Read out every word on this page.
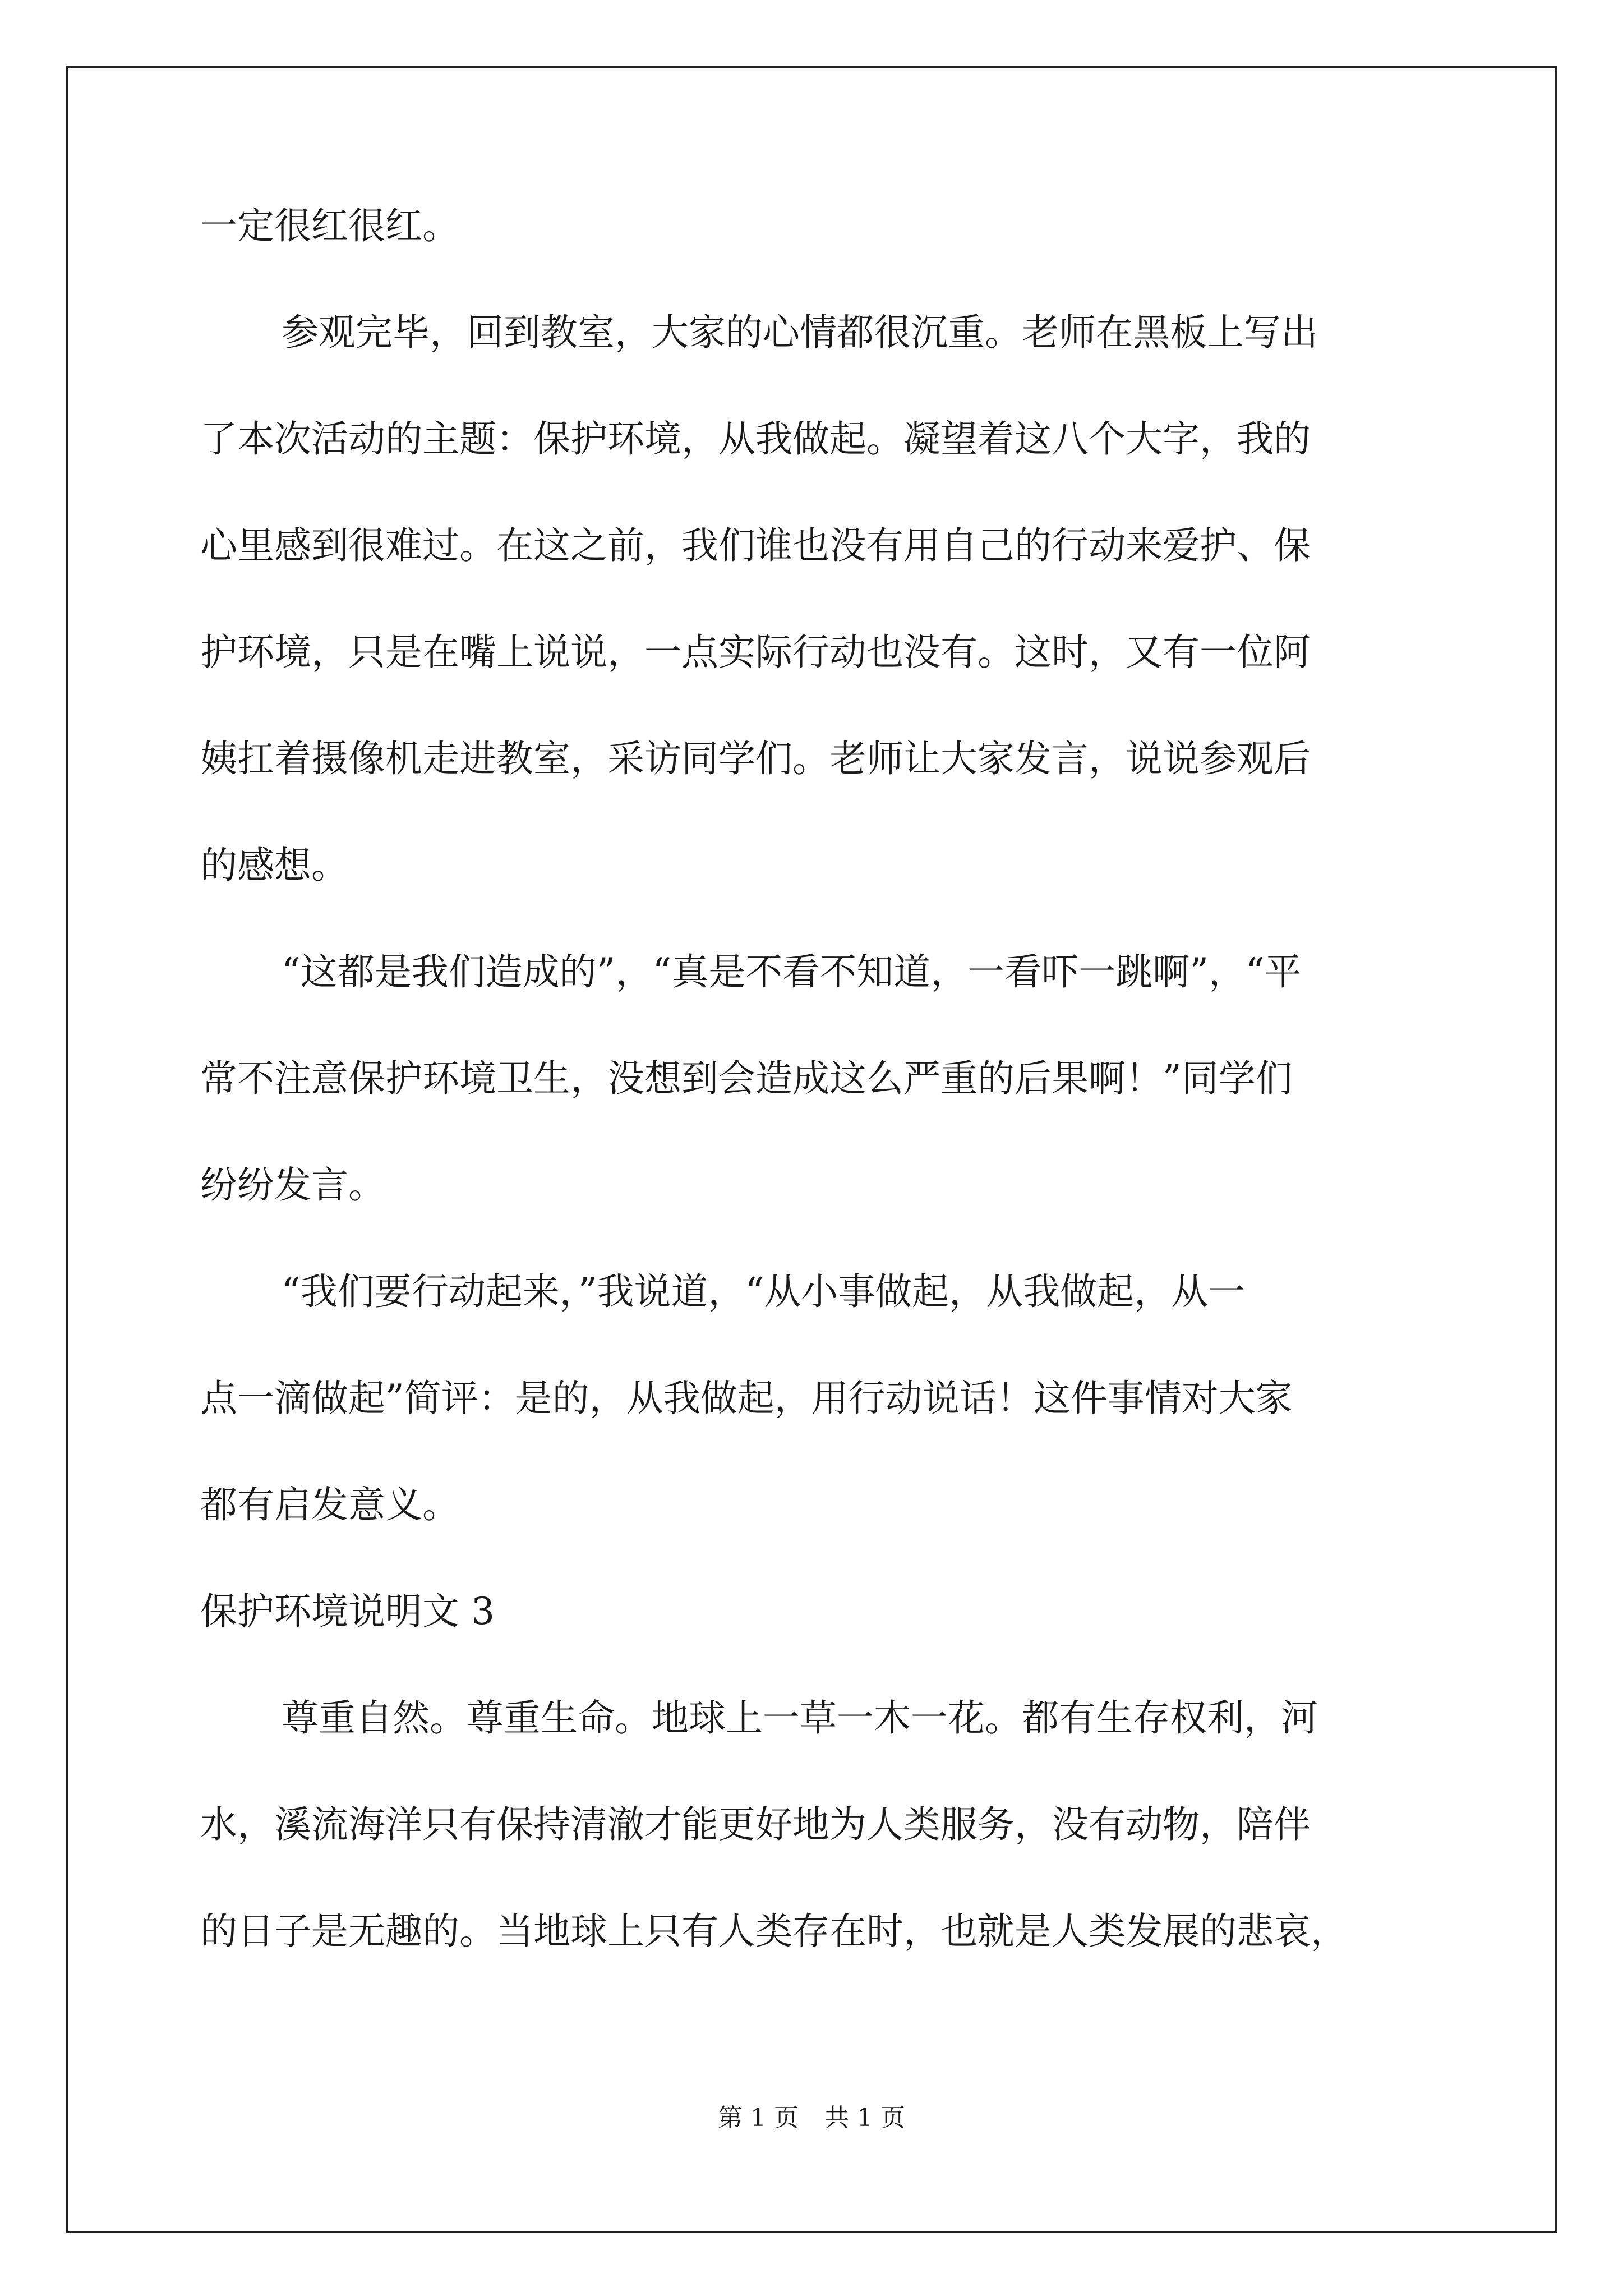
一定很红很红。
参观完毕，回到教室，大家的心情都很沉重。老师在黑板上写出
了本次活动的主题：保护环境，从我做起。凝望着这八个大字，我的
心里感到很难过。在这之前，我们谁也没有用自己的行动来爱护、保
护环境，只是在嘴上说说，一点实际行动也没有。这时，又有一位阿
姨扛着摄像机走进教室，采访同学们。老师让大家发言，说说参观后
的感想。
“这都是我们造成的”，“真是不看不知道，一看吓一跳啊”，“平
常不注意保护环境卫生，没想到会造成这么严重的后果啊！”同学们
纷纷发言。
“我们要行动起来，”我说道，“从小事做起，从我做起，从一
点一滴做起”简评：是的，从我做起，用行动说话！这件事情对大家
都有启发意义。
保护环境说明文 3
尊重自然。尊重生命。地球上一草一木一花。都有生存权利，河
水，溪流海洋只有保持清澈才能更好地为人类服务，没有动物，陪伴
的日子是无趣的。当地球上只有人类存在时，也就是人类发展的悲哀，
第 1 页 共 1 页
